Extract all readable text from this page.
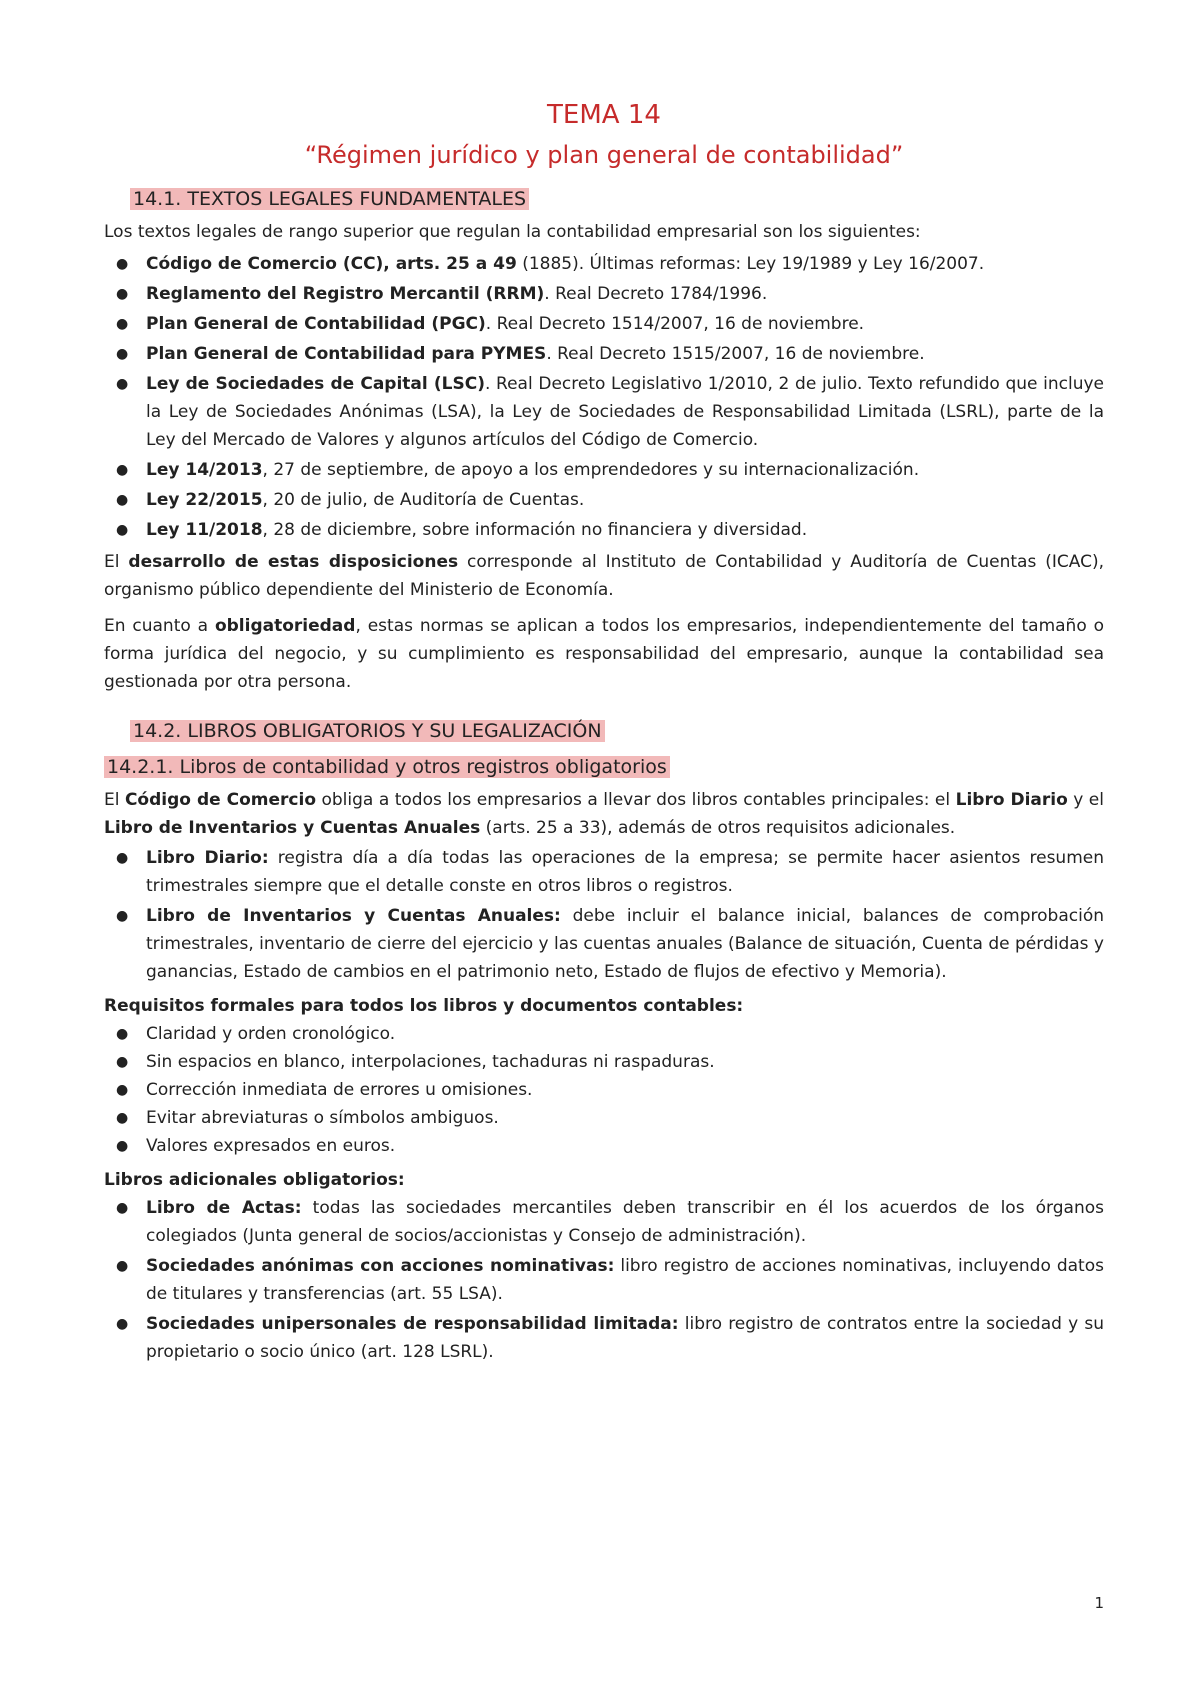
TEMA 14
“Régimen jurídico y plan general de contabilidad”
14.1. TEXTOS LEGALES FUNDAMENTALES

Los textos legales de rango superior que regulan la contabilidad empresarial son los siguientes:

● Código de Comercio (CC), arts. 25 a 49 (1885). Últimas reformas: Ley 19/1989 y Ley 16/2007.
● Reglamento del Registro Mercantil (RRM). Real Decreto 1784/1996.
● Plan General de Contabilidad (PGC). Real Decreto 1514/2007, 16 de noviembre.
● Plan General de Contabilidad para PYMES. Real Decreto 1515/2007, 16 de noviembre.
● Ley de Sociedades de Capital (LSC). Real Decreto Legislativo 1/2010, 2 de julio. Texto refundido que incluye la Ley de Sociedades Anónimas (LSA), la Ley de Sociedades de Responsabilidad Limitada (LSRL), parte de la Ley del Mercado de Valores y algunos artículos del Código de Comercio.
● Ley 14/2013, 27 de septiembre, de apoyo a los emprendedores y su internacionalización.
● Ley 22/2015, 20 de julio, de Auditoría de Cuentas.
● Ley 11/2018, 28 de diciembre, sobre información no financiera y diversidad.

El desarrollo de estas disposiciones corresponde al Instituto de Contabilidad y Auditoría de Cuentas (ICAC), organismo público dependiente del Ministerio de Economía.

En cuanto a obligatoriedad, estas normas se aplican a todos los empresarios, independientemente del tamaño o forma jurídica del negocio, y su cumplimiento es responsabilidad del empresario, aunque la contabilidad sea gestionada por otra persona.

14.2. LIBROS OBLIGATORIOS Y SU LEGALIZACIÓN
14.2.1. Libros de contabilidad y otros registros obligatorios

El Código de Comercio obliga a todos los empresarios a llevar dos libros contables principales: el Libro Diario y el Libro de Inventarios y Cuentas Anuales (arts. 25 a 33), además de otros requisitos adicionales.

● Libro Diario: registra día a día todas las operaciones de la empresa; se permite hacer asientos resumen trimestrales siempre que el detalle conste en otros libros o registros.
● Libro de Inventarios y Cuentas Anuales: debe incluir el balance inicial, balances de comprobación trimestrales, inventario de cierre del ejercicio y las cuentas anuales (Balance de situación, Cuenta de pérdidas y ganancias, Estado de cambios en el patrimonio neto, Estado de flujos de efectivo y Memoria).

Requisitos formales para todos los libros y documentos contables:

● Claridad y orden cronológico.
● Sin espacios en blanco, interpolaciones, tachaduras ni raspaduras.
● Corrección inmediata de errores u omisiones.
● Evitar abreviaturas o símbolos ambiguos.
● Valores expresados en euros.

Libros adicionales obligatorios:

● Libro de Actas: todas las sociedades mercantiles deben transcribir en él los acuerdos de los órganos colegiados (Junta general de socios/accionistas y Consejo de administración).
● Sociedades anónimas con acciones nominativas: libro registro de acciones nominativas, incluyendo datos de titulares y transferencias (art. 55 LSA).
● Sociedades unipersonales de responsabilidad limitada: libro registro de contratos entre la sociedad y su propietario o socio único (art. 128 LSRL).
1
